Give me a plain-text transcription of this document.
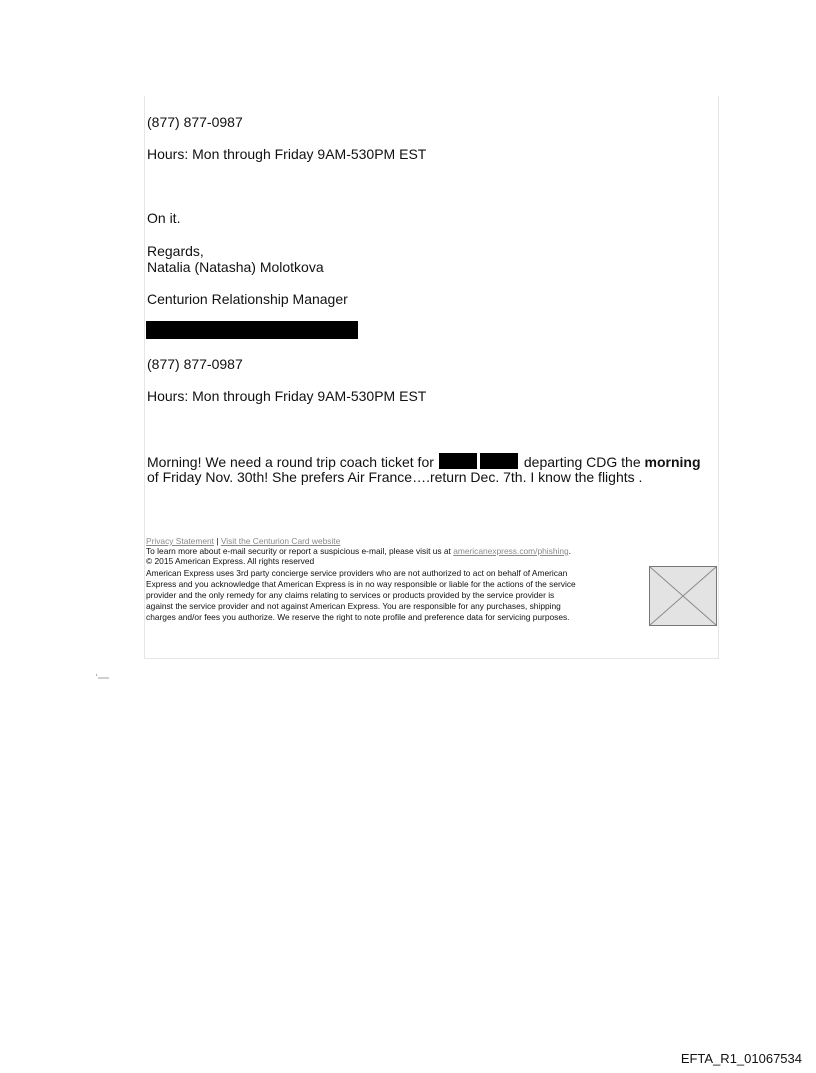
(877) 877-0987
Hours: Mon through Friday 9AM-530PM EST
On it.
Regards,
Natalia (Natasha) Molotkova
Centurion Relationship Manager
(877) 877-0987
Hours: Mon through Friday 9AM-530PM EST
Morning! We need a round trip coach ticket for	departing CDG the morning
of Friday Nov. 30th! She prefers Air France….return Dec. 7th. I know the flights .
Privacy Statement | Visit the Centurion Card website
To learn more about e-mail security or report a suspicious e-mail, please visit us at americanexpress.com/phishing.
© 2015 American Express. All rights reserved
American Express uses 3rd party concierge service providers who are not authorized to act on behalf of American
Express and you acknowledge that American Express is in no way responsible or liable for the actions of the service
provider and the only remedy for any claims relating to services or products provided by the service provider is
against the service provider and not against American Express. You are responsible for any purchases, shipping
charges and/or fees you authorize. We reserve the right to note profile and preference data for servicing purposes.
EFTA_R1_01067534
